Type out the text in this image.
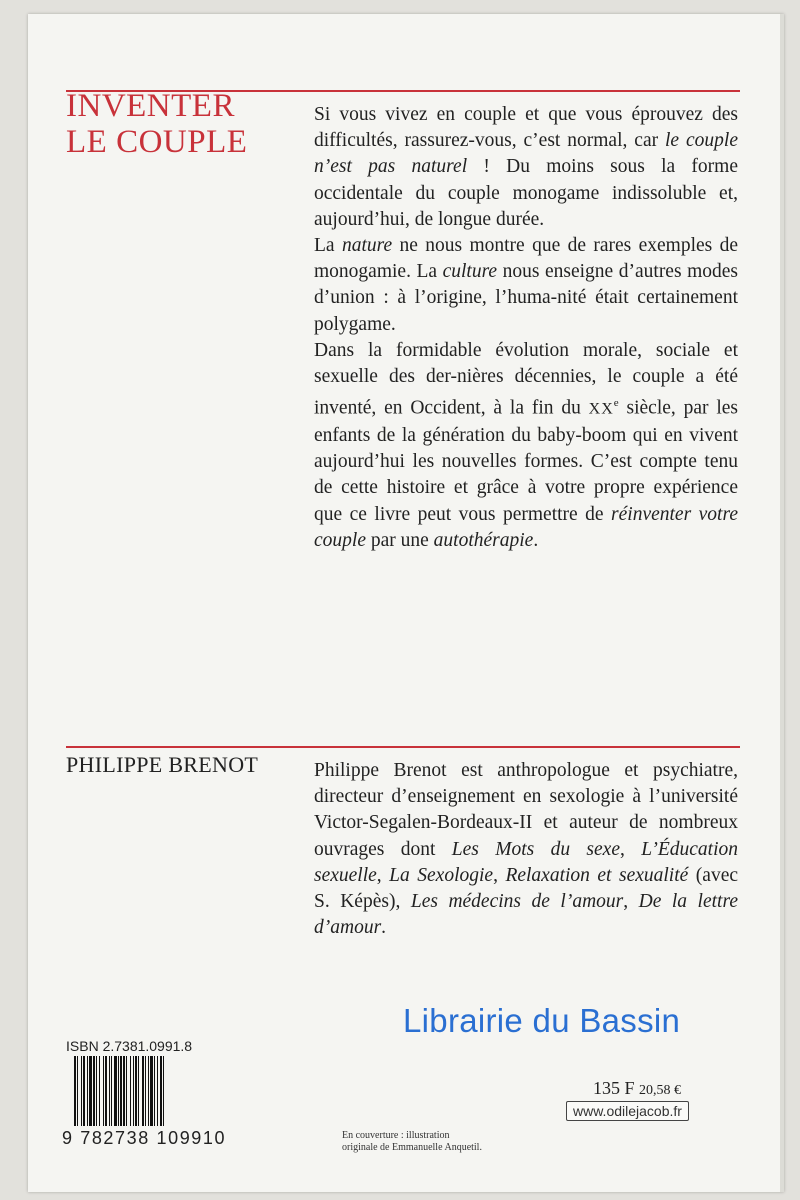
INVENTER
LE COUPLE

Si vous vivez en couple et que vous éprouvez des difficultés, rassurez-vous, c’est normal, car le couple n’est pas naturel ! Du moins sous la forme occidentale du couple monogame indissoluble et, aujourd’hui, de longue durée.

La nature ne nous montre que de rares exemples de monogamie. La culture nous enseigne d’autres modes d’union : à l’origine, l’huma-nité était certainement polygame.

Dans la formidable évolution morale, sociale et sexuelle des der-nières décennies, le couple a été inventé, en Occident, à la fin du XXe siècle, par les enfants de la génération du baby-boom qui en vivent aujourd’hui les nouvelles formes. C’est compte tenu de cette histoire et grâce à votre propre expérience que ce livre peut vous permettre de réinventer votre couple par une autothérapie.

PHILIPPE BRENOT	Philippe Brenot est anthropologue et psychiatre, directeur d’enseignement en sexologie à l’université Victor-Segalen-Bordeaux-II et auteur de nombreux ouvrages dont Les Mots du sexe, L’Éducation sexuelle, La Sexologie, Relaxation et sexualité (avec S. Képès), Les médecins de l’amour, De la lettre d’amour.

Librairie du Bassin
ISBN 2.7381.0991.8
9 782738 109910	En couverture : illustration
originale de Emmanuelle Anquetil.
135 F 20,58 €
www.odilejacob.fr
